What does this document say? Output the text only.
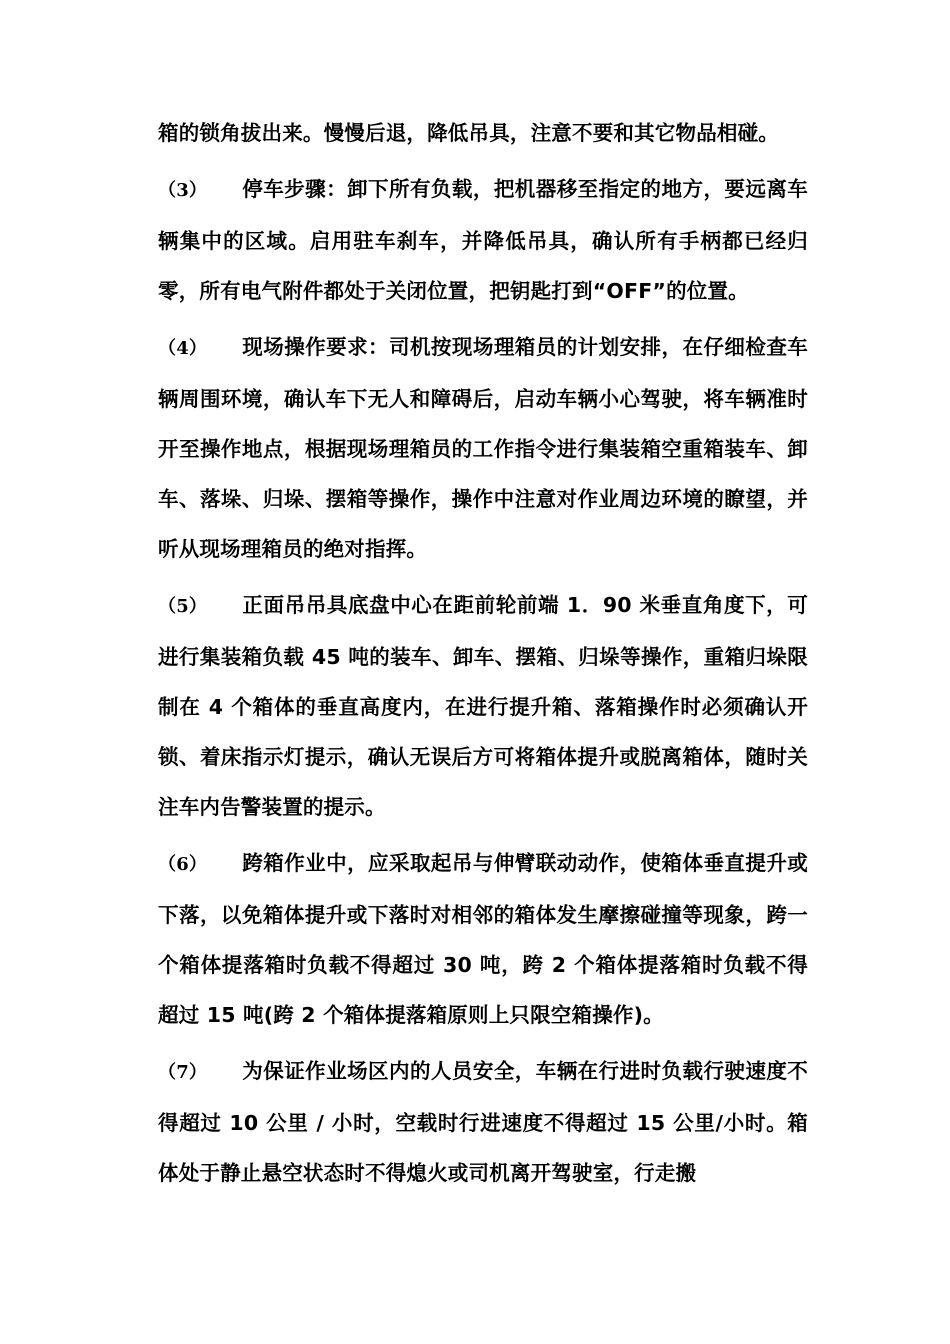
箱的锁角拔出来。慢慢后退，降低吊具，注意不要和其它物品相碰。

（3） 停车步骤：卸下所有负载，把机器移至指定的地方，要远离车辆集中的区域。启用驻车刹车，并降低吊具，确认所有手柄都已经归零，所有电气附件都处于关闭位置，把钥匙打到“OFF”的位置。

（4） 现场操作要求：司机按现场理箱员的计划安排，在仔细检查车辆周围环境，确认车下无人和障碍后，启动车辆小心驾驶，将车辆准时开至操作地点，根据现场理箱员的工作指令进行集装箱空重箱装车、卸车、落垛、归垛、摆箱等操作，操作中注意对作业周边环境的瞭望，并听从现场理箱员的绝对指挥。

（5） 正面吊吊具底盘中心在距前轮前端 1．90 米垂直角度下，可进行集装箱负载 45 吨的装车、卸车、摆箱、归垛等操作，重箱归垛限制在 4 个箱体的垂直高度内，在进行提升箱、落箱操作时必须确认开锁、着床指示灯提示，确认无误后方可将箱体提升或脱离箱体，随时关注车内告警装置的提示。

（6） 跨箱作业中，应采取起吊与伸臂联动动作，使箱体垂直提升或下落，以免箱体提升或下落时对相邻的箱体发生摩擦碰撞等现象，跨一个箱体提落箱时负载不得超过 30 吨，跨 2 个箱体提落箱时负载不得超过 15 吨(跨 2 个箱体提落箱原则上只限空箱操作)。

（7） 为保证作业场区内的人员安全，车辆在行进时负载行驶速度不得超过 10 公里 / 小时，空载时行进速度不得超过 15 公里/小时。箱体处于静止悬空状态时不得熄火或司机离开驾驶室，行走搬
